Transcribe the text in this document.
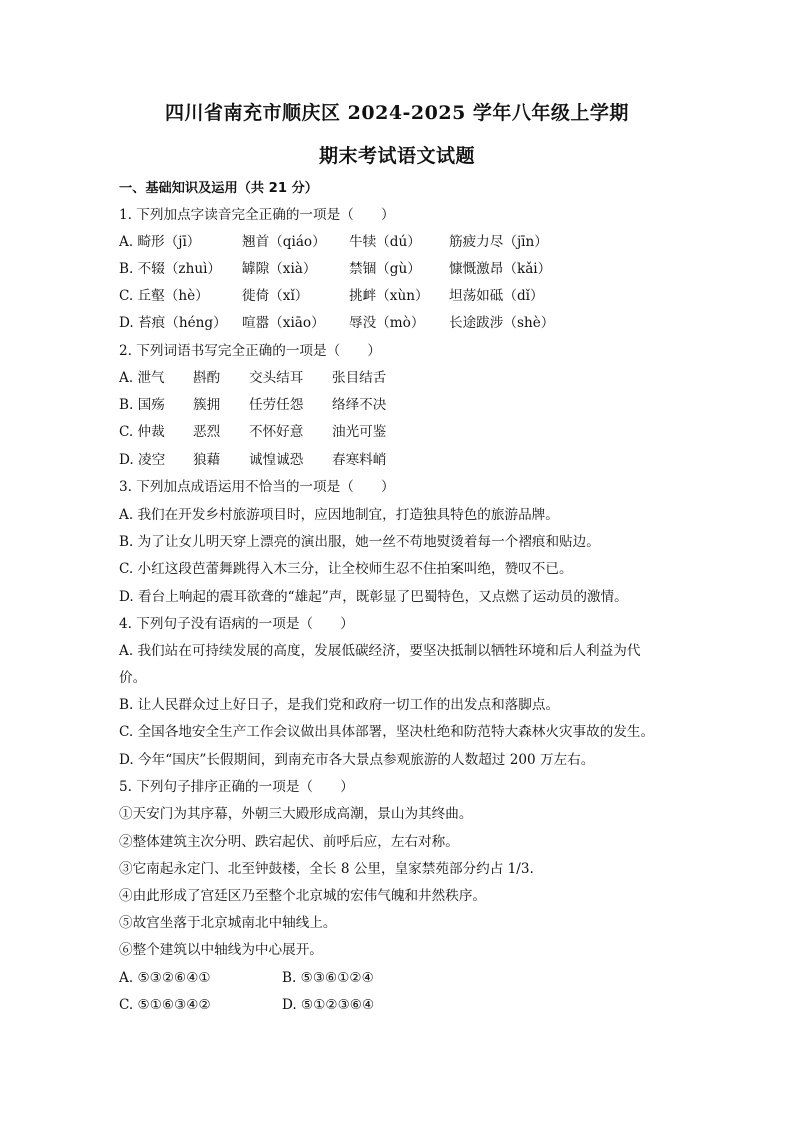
四川省南充市顺庆区 2024-2025 学年八年级上学期
期末考试语文试题
一、基础知识及运用（共 21 分）
1. 下列加点字读音完全正确的一项是（　　）
A. 畸形（jī）	翘首（qiáo） 牛犊（dú） 筋疲力尽（jīn）
B. 不辍（zhuì） 罅隙（xià） 禁锢（gù） 慷慨激昂（kǎi）
C. 丘壑（hè） 徙倚（xǐ）	挑衅（xùn） 坦荡如砥（dǐ）
D. 苔痕（héng） 喧嚣（xiāo） 辱没（mò） 长途跋涉（shè）
2. 下列词语书写完全正确的一项是（　　）
A. 泄气 斟酌 交头结耳 张目结舌
B. 国殇 簇拥 任劳任怨 络绎不决
C. 仲裁 恶烈 不怀好意 油光可鉴
D. 凌空 狼藉 诚惶诚恐 春寒料峭
3. 下列加点成语运用不恰当的一项是（　　）
A. 我们在开发乡村旅游项目时，应因地制宜，打造独具特色的旅游品牌。
B. 为了让女儿明天穿上漂亮的演出服，她一丝不苟地熨烫着每一个褶痕和贴边。
C. 小红这段芭蕾舞跳得入木三分，让全校师生忍不住拍案叫绝，赞叹不已。
D. 看台上响起的震耳欲聋的“雄起”声，既彰显了巴蜀特色，又点燃了运动员的激情。
4. 下列句子没有语病的一项是（　　）
A. 我们站在可持续发展的高度，发展低碳经济，要坚决抵制以牺牲环境和后人利益为代价。
B. 让人民群众过上好日子，是我们党和政府一切工作的出发点和落脚点。
C. 全国各地安全生产工作会议做出具体部署，坚决杜绝和防范特大森林火灾事故的发生。
D. 今年“国庆”长假期间，到南充市各大景点参观旅游的人数超过 200 万左右。
5. 下列句子排序正确的一项是（　　）
①天安门为其序幕，外朝三大殿形成高潮，景山为其终曲。
②整体建筑主次分明、跌宕起伏、前呼后应，左右对称。
③它南起永定门、北至钟鼓楼，全长 8 公里，皇家禁苑部分约占 1/3.
④由此形成了宫廷区乃至整个北京城的宏伟气魄和井然秩序。
⑤故宫坐落于北京城南北中轴线上。
⑥整个建筑以中轴线为中心展开。
A. ⑤③②⑥④①	B. ⑤③⑥①②④
C. ⑤①⑥③④②	D. ⑤①②③⑥④
